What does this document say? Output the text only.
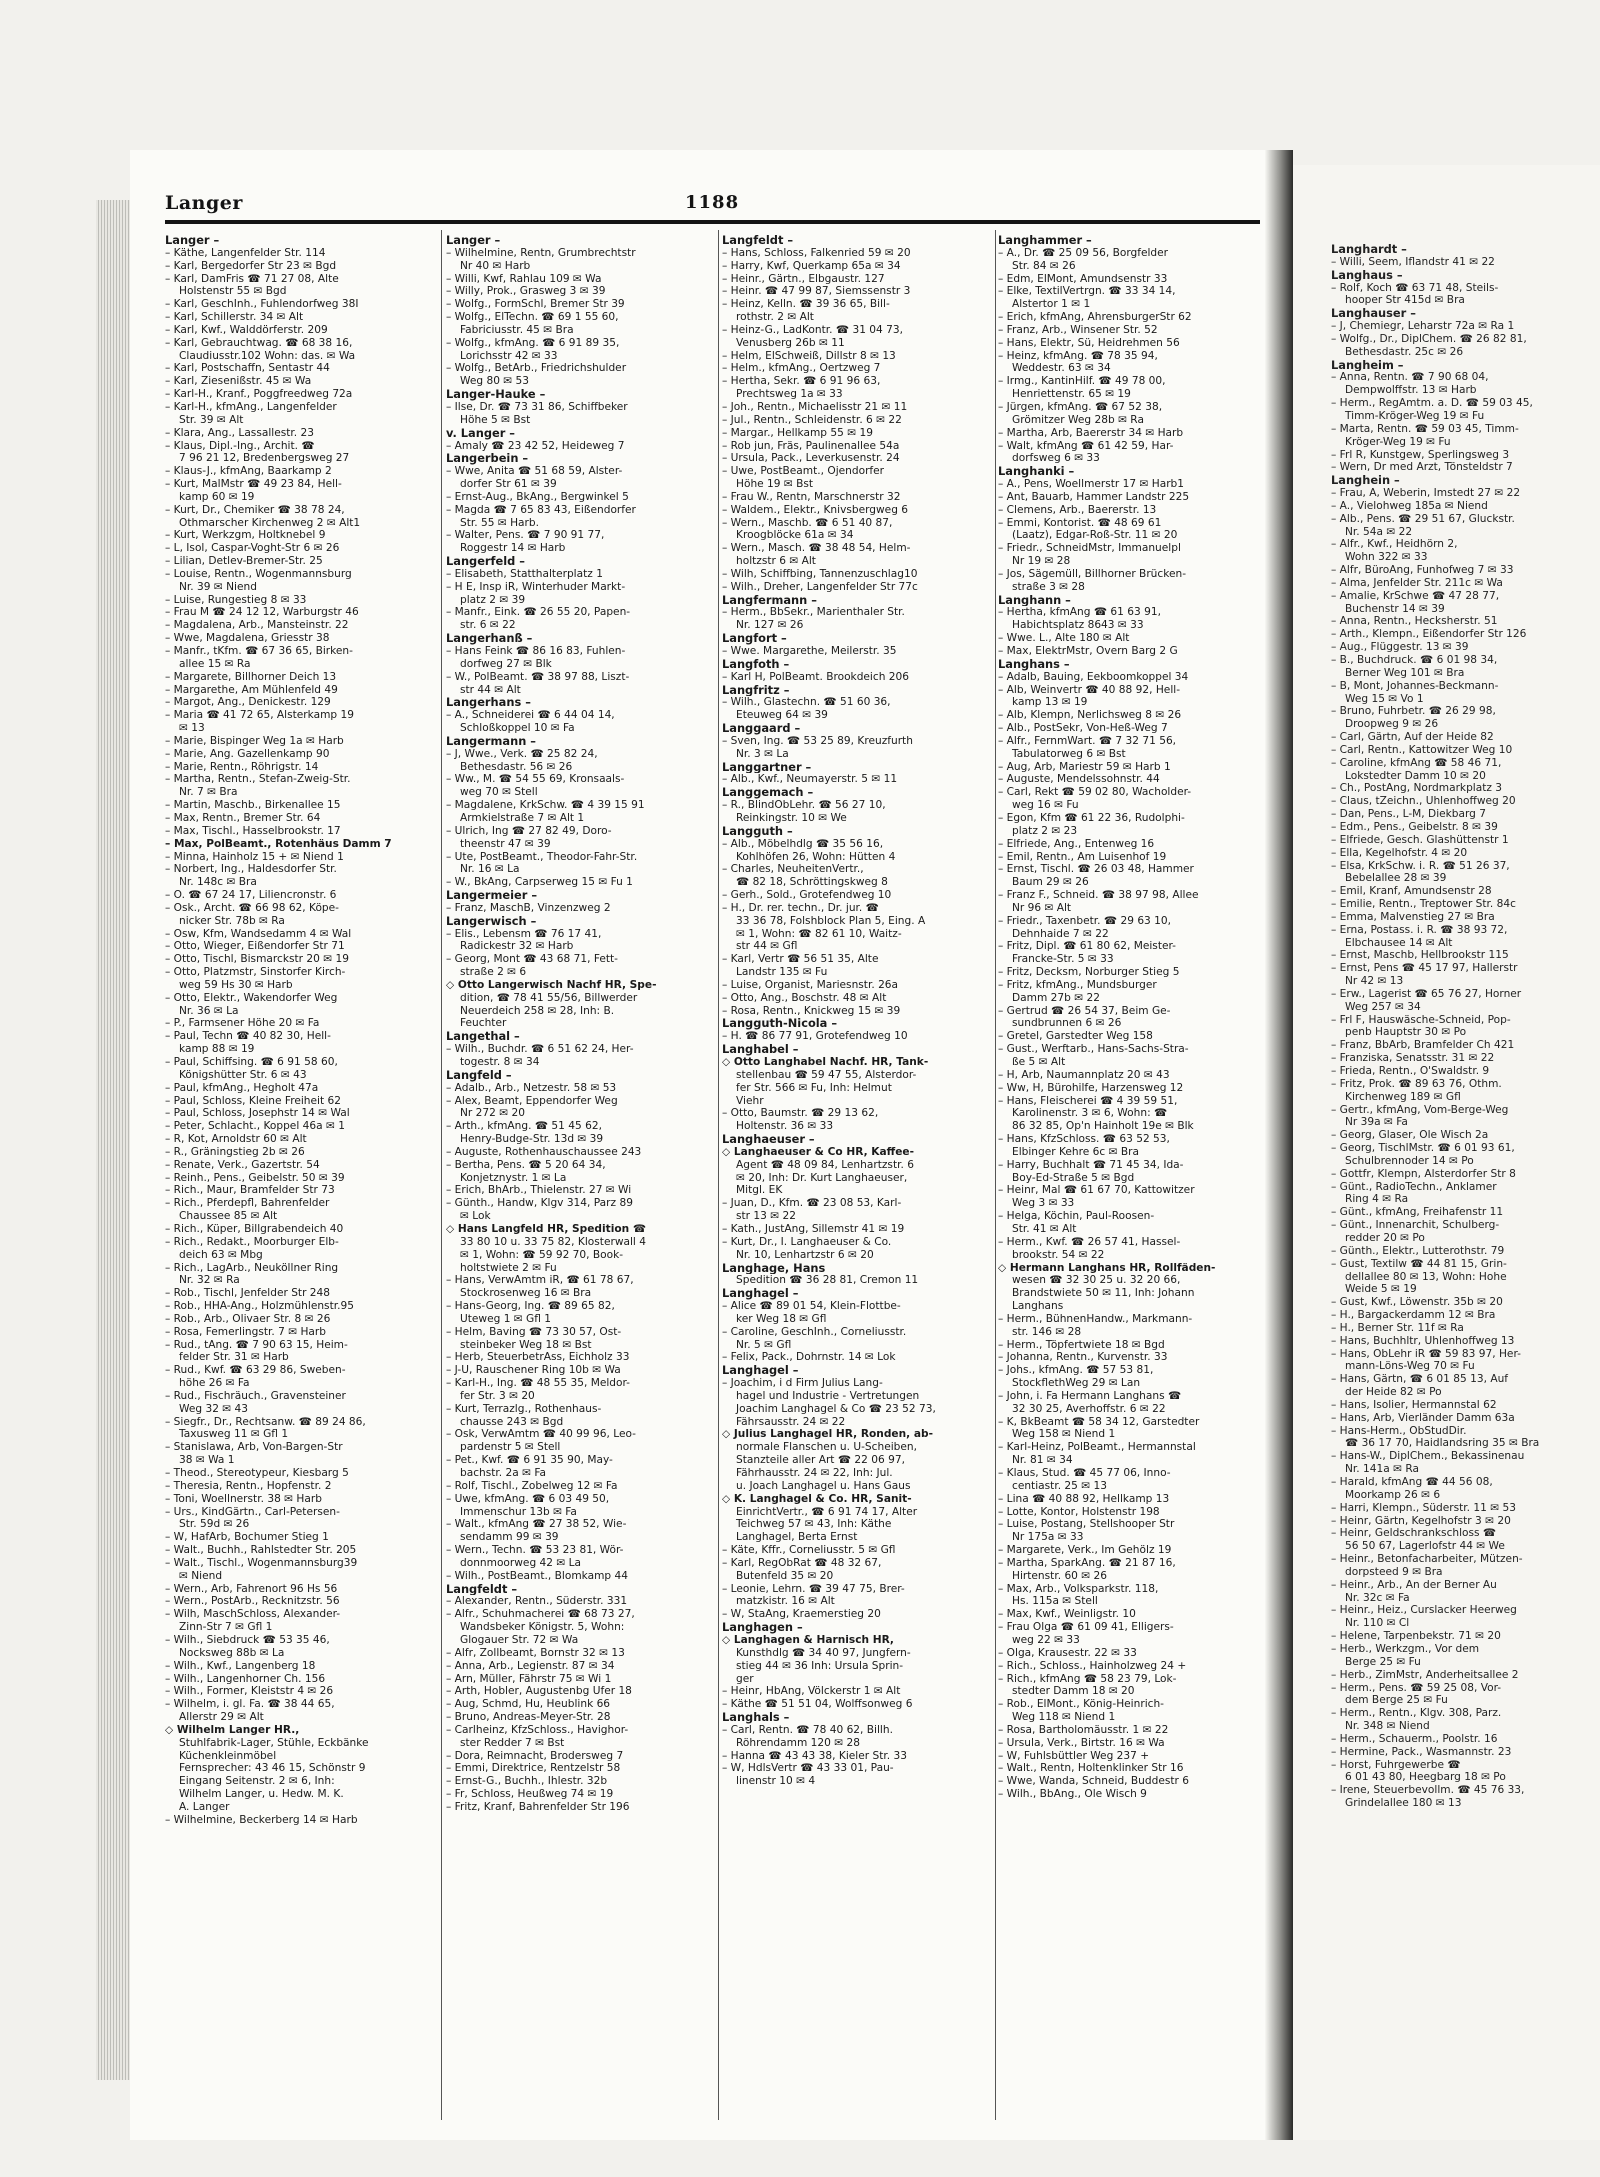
Langhardt –
– Willi, Seem, Iflandstr 41 ✉ 22
Langhaus –
– Rolf, Koch ☎ 63 71 48, Steils-
hooper Str 415d ✉ Bra
Langhauser –
– J, Chemiegr, Leharstr 72a ✉ Ra 1
– Wolfg., Dr., DiplChem. ☎ 26 82 81,
Bethesdastr. 25c ✉ 26
Langheim –
– Anna, Rentn. ☎ 7 90 68 04,
Dempwolffstr. 13 ✉ Harb
– Herm., RegAmtm. a. D. ☎ 59 03 45,
Timm-Kröger-Weg 19 ✉ Fu
– Marta, Rentn. ☎ 59 03 45, Timm-
Kröger-Weg 19 ✉ Fu
– Frl R, Kunstgew, Sperlingsweg 3
– Wern, Dr med Arzt, Tönsteldstr 7
Langhein –
– Frau, A, Weberin, Imstedt 27 ✉ 22
– A., Vielohweg 185a ✉ Niend
– Alb., Pens. ☎ 29 51 67, Gluckstr.
Nr. 54a ✉ 22
– Alfr., Kwf., Heidhörn 2,
Wohn 322 ✉ 33
– Alfr, BüroAng, Funhofweg 7 ✉ 33
– Alma, Jenfelder Str. 211c ✉ Wa
– Amalie, KrSchwe ☎ 47 28 77,
Buchenstr 14 ✉ 39
– Anna, Rentn., Hecksherstr. 51
– Arth., Klempn., Eißendorfer Str 126
– Aug., Flüggestr. 13 ✉ 39
– B., Buchdruck. ☎ 6 01 98 34,
Berner Weg 101 ✉ Bra
– B, Mont, Johannes-Beckmann-
Weg 15 ✉ Vo 1
– Bruno, Fuhrbetr. ☎ 26 29 98,
Droopweg 9 ✉ 26
– Carl, Gärtn, Auf der Heide 82
– Carl, Rentn., Kattowitzer Weg 10
– Caroline, kfmAng ☎ 58 46 71,
Lokstedter Damm 10 ✉ 20
– Ch., PostAng, Nordmarkplatz 3
– Claus, tZeichn., Uhlenhoffweg 20
– Dan, Pens., L-M, Diekbarg 7
– Edm., Pens., Geibelstr. 8 ✉ 39
– Elfriede, Gesch. Glashüttenstr 1
– Ella, Kegelhofstr. 4 ✉ 20
– Elsa, KrkSchw. i. R. ☎ 51 26 37,
Bebelallee 28 ✉ 39
– Emil, Kranf, Amundsenstr 28
– Emilie, Rentn., Treptower Str. 84c
– Emma, Malvenstieg 27 ✉ Bra
– Erna, Postass. i. R. ☎ 38 93 72,
Elbchausee 14 ✉ Alt
– Ernst, Maschb, Hellbrookstr 115
– Ernst, Pens ☎ 45 17 97, Hallerstr
Nr 42 ✉ 13
– Erw., Lagerist ☎ 65 76 27, Horner
Weg 257 ✉ 34
– Frl F, Hauswäsche-Schneid, Pop-
penb Hauptstr 30 ✉ Po
– Franz, BbArb, Bramfelder Ch 421
– Franziska, Senatsstr. 31 ✉ 22
– Frieda, Rentn., O'Swaldstr. 9
– Fritz, Prok. ☎ 89 63 76, Othm.
Kirchenweg 189 ✉ Gfl
– Gertr., kfmAng, Vom-Berge-Weg
Nr 39a ✉ Fa
– Georg, Glaser, Ole Wisch 2a
– Georg, TischlMstr. ☎ 6 01 93 61,
Schulbrennoder 14 ✉ Po
– Gottfr, Klempn, Alsterdorfer Str 8
– Günt., RadioTechn., Anklamer
Ring 4 ✉ Ra
– Günt., kfmAng, Freihafenstr 11
– Günt., Innenarchit, Schulberg-
redder 20 ✉ Po
– Günth., Elektr., Lutterothstr. 79
– Gust, Textilw ☎ 44 81 15, Grin-
dellallee 80 ✉ 13, Wohn: Hohe
Weide 5 ✉ 19
– Gust, Kwf., Löwenstr. 35b ✉ 20
– H., Bargackerdamm 12 ✉ Bra
– H., Berner Str. 11f ✉ Ra
– Hans, Buchhltr, Uhlenhoffweg 13
– Hans, ObLehr iR ☎ 59 83 97, Her-
mann-Löns-Weg 70 ✉ Fu
– Hans, Gärtn, ☎ 6 01 85 13, Auf
der Heide 82 ✉ Po
– Hans, Isolier, Hermannstal 62
– Hans, Arb, Vierländer Damm 63a
– Hans-Herm., ObStudDir.
☎ 36 17 70, Haidlandsring 35 ✉ Bra
– Hans-W., DiplChem., Bekassinenau
Nr. 141a ✉ Ra
– Harald, kfmAng ☎ 44 56 08,
Moorkamp 26 ✉ 6
– Harri, Klempn., Süderstr. 11 ✉ 53
– Heinr, Gärtn, Kegelhofstr 3 ✉ 20
– Heinr, Geldschrankschloss ☎
56 50 67, Lagerlofstr 44 ✉ We
– Heinr., Betonfacharbeiter, Mützen-
dorpsteed 9 ✉ Bra
– Heinr., Arb., An der Berner Au
Nr. 32c ✉ Fa
– Heinr., Heiz., Curslacker Heerweg
Nr. 110 ✉ Cl
– Helene, Tarpenbekstr. 71 ✉ 20
– Herb., Werkzgm., Vor dem
Berge 25 ✉ Fu
– Herb., ZimMstr, Anderheitsallee 2
– Herm., Pens. ☎ 59 25 08, Vor-
dem Berge 25 ✉ Fu
– Herm., Rentn., Klgv. 308, Parz.
Nr. 348 ✉ Niend
– Herm., Schauerm., Poolstr. 16
– Hermine, Pack., Wasmannstr. 23
– Horst, Fuhrgewerbe ☎
6 01 43 80, Heegbarg 18 ✉ Po
– Irene, Steuerbevollm. ☎ 45 76 33,
Grindelallee 180 ✉ 13
Langer	1188
Langer –
– Käthe, Langenfelder Str. 114
– Karl, Bergedorfer Str 23 ✉ Bgd
– Karl, DamFris ☎ 71 27 08, Alte
Holstenstr 55 ✉ Bgd
– Karl, GeschInh., Fuhlendorfweg 38I
– Karl, Schillerstr. 34 ✉ Alt
– Karl, Kwf., Walddörferstr. 209
– Karl, Gebrauchtwag. ☎ 68 38 16,
Claudiusstr.102 Wohn: das. ✉ Wa
– Karl, Postschaffn, Sentastr 44
– Karl, Ziesenißstr. 45 ✉ Wa
– Karl-H., Kranf., Poggfreedweg 72a
– Karl-H., kfmAng., Langenfelder
Str. 39 ✉ Alt
– Klara, Ang., Lassallestr. 23
– Klaus, Dipl.-Ing., Archit. ☎
7 96 21 12, Bredenbergsweg 27
– Klaus-J., kfmAng, Baarkamp 2
– Kurt, MalMstr ☎ 49 23 84, Hell-
kamp 60 ✉ 19
– Kurt, Dr., Chemiker ☎ 38 78 24,
Othmarscher Kirchenweg 2 ✉ Alt1
– Kurt, Werkzgm, Holtknebel 9
– L, Isol, Caspar-Voght-Str 6 ✉ 26
– Lilian, Detlev-Bremer-Str. 25
– Louise, Rentn., Wogenmannsburg
Nr. 39 ✉ Niend
– Luise, Rungestieg 8 ✉ 33
– Frau M ☎ 24 12 12, Warburgstr 46
– Magdalena, Arb., Mansteinstr. 22
– Wwe, Magdalena, Griesstr 38
– Manfr., tKfm. ☎ 67 36 65, Birken-
allee 15 ✉ Ra
– Margarete, Billhorner Deich 13
– Margarethe, Am Mühlenfeld 49
– Margot, Ang., Denickestr. 129
– Maria ☎ 41 72 65, Alsterkamp 19
✉ 13
– Marie, Bispinger Weg 1a ✉ Harb
– Marie, Ang. Gazellenkamp 90
– Marie, Rentn., Röhrigstr. 14
– Martha, Rentn., Stefan-Zweig-Str.
Nr. 7 ✉ Bra
– Martin, Maschb., Birkenallee 15
– Max, Rentn., Bremer Str. 64
– Max, Tischl., Hasselbrookstr. 17
– Max, PolBeamt., Rotenhäus Damm 7
– Minna, Hainholz 15 + ✉ Niend 1
– Norbert, Ing., Haldesdorfer Str.
Nr. 148c ✉ Bra
– O. ☎ 67 24 17, Liliencronstr. 6
– Osk., Archt. ☎ 66 98 62, Köpe-
nicker Str. 78b ✉ Ra
– Osw, Kfm, Wandsedamm 4 ✉ Wal
– Otto, Wieger, Eißendorfer Str 71
– Otto, Tischl, Bismarckstr 20 ✉ 19
– Otto, Platzmstr, Sinstorfer Kirch-
weg 59 Hs 30 ✉ Harb
– Otto, Elektr., Wakendorfer Weg
Nr. 36 ✉ La
– P., Farmsener Höhe 20 ✉ Fa
– Paul, Techn ☎ 40 82 30, Hell-
kamp 88 ✉ 19
– Paul, Schiffsing. ☎ 6 91 58 60,
Königshütter Str. 6 ✉ 43
– Paul, kfmAng., Hegholt 47a
– Paul, Schloss, Kleine Freiheit 62
– Paul, Schloss, Josephstr 14 ✉ Wal
– Peter, Schlacht., Koppel 46a ✉ 1
– R, Kot, Arnoldstr 60 ✉ Alt
– R., Gräningstieg 2b ✉ 26
– Renate, Verk., Gazertstr. 54
– Reinh., Pens., Geibelstr. 50 ✉ 39
– Rich., Maur, Bramfelder Str 73
– Rich., Pferdepfl, Bahrenfelder
Chaussee 85 ✉ Alt
– Rich., Küper, Billgrabendeich 40
– Rich., Redakt., Moorburger Elb-
deich 63 ✉ Mbg
– Rich., LagArb., Neuköllner Ring
Nr. 32 ✉ Ra
– Rob., Tischl, Jenfelder Str 248
– Rob., HHA-Ang., Holzmühlenstr.95
– Rob., Arb., Olivaer Str. 8 ✉ 26
– Rosa, Femerlingstr. 7 ✉ Harb
– Rud., tAng. ☎ 7 90 63 15, Heim-
felder Str. 31 ✉ Harb
– Rud., Kwf. ☎ 63 29 86, Sweben-
höhe 26 ✉ Fa
– Rud., Fischräuch., Gravensteiner
Weg 32 ✉ 43
– Siegfr., Dr., Rechtsanw. ☎ 89 24 86,
Taxusweg 11 ✉ Gfl 1
– Stanislawa, Arb, Von-Bargen-Str
38 ✉ Wa 1
– Theod., Stereotypeur, Kiesbarg 5
– Theresia, Rentn., Hopfenstr. 2
– Toni, Woellnerstr. 38 ✉ Harb
– Urs., KindGärtn., Carl-Petersen-
Str. 59d ✉ 26
– W, HafArb, Bochumer Stieg 1
– Walt., Buchh., Rahlstedter Str. 205
– Walt., Tischl., Wogenmannsburg39
✉ Niend
– Wern., Arb, Fahrenort 96 Hs 56
– Wern., PostArb., Recknitzstr. 56
– Wilh, MaschSchloss, Alexander-
Zinn-Str 7 ✉ Gfl 1
– Wilh., Siebdruck ☎ 53 35 46,
Nocksweg 88b ✉ La
– Wilh., Kwf., Langenberg 18
– Wilh., Langenhorner Ch. 156
– Wilh., Former, Kleiststr 4 ✉ 26
– Wilhelm, i. gl. Fa. ☎ 38 44 65,
Allerstr 29 ✉ Alt
◇ Wilhelm Langer HR.,
Stuhlfabrik-Lager, Stühle, Eckbänke
Küchenkleinmöbel
Fernsprecher: 43 46 15, Schönstr 9
Eingang Seitenstr. 2 ✉ 6, Inh:
Wilhelm Langer, u. Hedw. M. K.
A. Langer
– Wilhelmine, Beckerberg 14 ✉ Harb
Langer –
– Wilhelmine, Rentn, Grumbrechtstr
Nr 40 ✉ Harb
– Willi, Kwf, Rahlau 109 ✉ Wa
– Willy, Prok., Grasweg 3 ✉ 39
– Wolfg., FormSchl, Bremer Str 39
– Wolfg., ElTechn. ☎ 69 1 55 60,
Fabriciusstr. 45 ✉ Bra
– Wolfg., kfmAng. ☎ 6 91 89 35,
Lorichsstr 42 ✉ 33
– Wolfg., BetArb., Friedrichshulder
Weg 80 ✉ 53
Langer-Hauke –
– Ilse, Dr. ☎ 73 31 86, Schiffbeker
Höhe 5 ✉ Bst
v. Langer –
– Amaly ☎ 23 42 52, Heideweg 7
Langerbein –
– Wwe, Anita ☎ 51 68 59, Alster-
dorfer Str 61 ✉ 39
– Ernst-Aug., BkAng., Bergwinkel 5
– Magda ☎ 7 65 83 43, Eißendorfer
Str. 55 ✉ Harb.
– Walter, Pens. ☎ 7 90 91 77,
Roggestr 14 ✉ Harb
Langerfeld –
– Elisabeth, Statthalterplatz 1
– H E, Insp iR, Winterhuder Markt-
platz 2 ✉ 39
– Manfr., Eink. ☎ 26 55 20, Papen-
str. 6 ✉ 22
Langerhanß –
– Hans Feink ☎ 86 16 83, Fuhlen-
dorfweg 27 ✉ Blk
– W., PolBeamt. ☎ 38 97 88, Liszt-
str 44 ✉ Alt
Langerhans –
– A., Schneiderei ☎ 6 44 04 14,
Schloßkoppel 10 ✉ Fa
Langermann –
– J, Wwe., Verk. ☎ 25 82 24,
Bethesdastr. 56 ✉ 26
– Ww., M. ☎ 54 55 69, Kronsaals-
weg 70 ✉ Stell
– Magdalene, KrkSchw. ☎ 4 39 15 91
Armkielstraße 7 ✉ Alt 1
– Ulrich, Ing ☎ 27 82 49, Doro-
theenstr 47 ✉ 39
– Ute, PostBeamt., Theodor-Fahr-Str.
Nr. 16 ✉ La
– W., BkAng, Carpserweg 15 ✉ Fu 1
Langermeier –
– Franz, MaschB, Vinzenzweg 2
Langerwisch –
– Elis., Lebensm ☎ 76 17 41,
Radickestr 32 ✉ Harb
– Georg, Mont ☎ 43 68 71, Fett-
straße 2 ✉ 6
◇ Otto Langerwisch Nachf HR, Spe-
dition, ☎ 78 41 55/56, Billwerder
Neuerdeich 258 ✉ 28, Inh: B.
Feuchter
Langethal –
– Wilh., Buchdr. ☎ 6 51 62 24, Her-
togestr. 8 ✉ 34
Langfeld –
– Adalb., Arb., Netzestr. 58 ✉ 53
– Alex, Beamt, Eppendorfer Weg
Nr 272 ✉ 20
– Arth., kfmAng. ☎ 51 45 62,
Henry-Budge-Str. 13d ✉ 39
– Auguste, Rothenhauschaussee 243
– Bertha, Pens. ☎ 5 20 64 34,
Konjetznystr. 1 ✉ La
– Erich, BhArb., Thielenstr. 27 ✉ Wi
– Günth., Handw, Klgv 314, Parz 89
✉ Lok
◇ Hans Langfeld HR, Spedition ☎
33 80 10 u. 33 75 82, Klosterwall 4
✉ 1, Wohn: ☎ 59 92 70, Book-
holtstwiete 2 ✉ Fu
– Hans, VerwAmtm iR, ☎ 61 78 67,
Stockrosenweg 16 ✉ Bra
– Hans-Georg, Ing. ☎ 89 65 82,
Uteweg 1 ✉ Gfl 1
– Helm, Baving ☎ 73 30 57, Ost-
steinbeker Weg 18 ✉ Bst
– Herb, SteuerbetrAss, Eichholz 33
– J-U, Rauschener Ring 10b ✉ Wa
– Karl-H., Ing. ☎ 48 55 35, Meldor-
fer Str. 3 ✉ 20
– Kurt, Terrazlg., Rothenhaus-
chausse 243 ✉ Bgd
– Osk, VerwAmtm ☎ 40 99 96, Leo-
pardenstr 5 ✉ Stell
– Pet., Kwf. ☎ 6 91 35 90, May-
bachstr. 2a ✉ Fa
– Rolf, Tischl., Zobelweg 12 ✉ Fa
– Uwe, kfmAng. ☎ 6 03 49 50,
Immenschur 13b ✉ Fa
– Walt., kfmAng ☎ 27 38 52, Wie-
sendamm 99 ✉ 39
– Wern., Techn. ☎ 53 23 81, Wör-
donnmoorweg 42 ✉ La
– Wilh., PostBeamt., Blomkamp 44
Langfeldt –
– Alexander, Rentn., Süderstr. 331
– Alfr., Schuhmacherei ☎ 68 73 27,
Wandsbeker Königstr. 5, Wohn:
Glogauer Str. 72 ✉ Wa
– Alfr, Zollbeamt, Bornstr 32 ✉ 13
– Anna, Arb., Legienstr. 87 ✉ 34
– Arn, Müller, Fährstr 75 ✉ Wi 1
– Arth, Hobler, Augustenbg Ufer 18
– Aug, Schmd, Hu, Heublink 66
– Bruno, Andreas-Meyer-Str. 28
– Carlheinz, KfzSchloss., Havighor-
ster Redder 7 ✉ Bst
– Dora, Reimnacht, Brodersweg 7
– Emmi, Direktrice, Rentzelstr 58
– Ernst-G., Buchh., Ihlestr. 32b
– Fr, Schloss, Heußweg 74 ✉ 19
– Fritz, Kranf, Bahrenfelder Str 196
Langfeldt –
– Hans, Schloss, Falkenried 59 ✉ 20
– Harry, Kwf, Querkamp 65a ✉ 34
– Heinr., Gärtn., Elbgaustr. 127
– Heinr. ☎ 47 99 87, Siemssenstr 3
– Heinz, Kelln. ☎ 39 36 65, Bill-
rothstr. 2 ✉ Alt
– Heinz-G., LadKontr. ☎ 31 04 73,
Venusberg 26b ✉ 11
– Helm, ElSchweiß, Dillstr 8 ✉ 13
– Helm., kfmAng., Oertzweg 7
– Hertha, Sekr. ☎ 6 91 96 63,
Prechtsweg 1a ✉ 33
– Joh., Rentn., Michaelisstr 21 ✉ 11
– Jul., Rentn., Schleidenstr. 6 ✉ 22
– Margar., Hellkamp 55 ✉ 19
– Rob jun, Fräs, Paulinenallee 54a
– Ursula, Pack., Leverkusenstr. 24
– Uwe, PostBeamt., Ojendorfer
Höhe 19 ✉ Bst
– Frau W., Rentn, Marschnerstr 32
– Waldem., Elektr., Knivsbergweg 6
– Wern., Maschb. ☎ 6 51 40 87,
Kroogblöcke 61a ✉ 34
– Wern., Masch. ☎ 38 48 54, Helm-
holtzstr 6 ✉ Alt
– Wilh, Schiffbing, Tannenzuschlag10
– Wilh., Dreher, Langenfelder Str 77c
Langfermann –
– Herm., BbSekr., Marienthaler Str.
Nr. 127 ✉ 26
Langfort –
– Wwe. Margarethe, Meilerstr. 35
Langfoth –
– Karl H, PolBeamt. Brookdeich 206
Langfritz –
– Wilh., Glastechn. ☎ 51 60 36,
Eteuweg 64 ✉ 39
Langgaard –
– Sven, Ing. ☎ 53 25 89, Kreuzfurth
Nr. 3 ✉ La
Langgartner –
– Alb., Kwf., Neumayerstr. 5 ✉ 11
Langgemach –
– R., BlindObLehr. ☎ 56 27 10,
Reinkingstr. 10 ✉ We
Langguth –
– Alb., Möbelhdlg ☎ 35 56 16,
Kohlhöfen 26, Wohn: Hütten 4
– Charles, NeuheitenVertr.,
☎ 82 18, Schröttingskweg 8
– Gerh., Sold., Grotefendweg 10
– H., Dr. rer. techn., Dr. jur. ☎
33 36 78, Folshblock Plan 5, Eing. A
✉ 1, Wohn: ☎ 82 61 10, Waitz-
str 44 ✉ Gfl
– Karl, Vertr ☎ 56 51 35, Alte
Landstr 135 ✉ Fu
– Luise, Organist, Mariesnstr. 26a
– Otto, Ang., Boschstr. 48 ✉ Alt
– Rosa, Rentn., Knickweg 15 ✉ 39
Langguth-Nicola –
– H. ☎ 86 77 91, Grotefendweg 10
Langhabel –
◇ Otto Langhabel Nachf. HR, Tank-
stellenbau ☎ 59 47 55, Alsterdor-
fer Str. 566 ✉ Fu, Inh: Helmut
Viehr
– Otto, Baumstr. ☎ 29 13 62,
Holtenstr. 36 ✉ 33
Langhaeuser –
◇ Langhaeuser & Co HR, Kaffee-
Agent ☎ 48 09 84, Lenhartzstr. 6
✉ 20, Inh: Dr. Kurt Langhaeuser,
Mitgl. EK
– Juan, D., Kfm. ☎ 23 08 53, Karl-
str 13 ✉ 22
– Kath., JustAng, Sillemstr 41 ✉ 19
– Kurt, Dr., I. Langhaeuser & Co.
Nr. 10, Lenhartzstr 6 ✉ 20
Langhage, Hans
Spedition ☎ 36 28 81, Cremon 11
Langhagel –
– Alice ☎ 89 01 54, Klein-Flottbe-
ker Weg 18 ✉ Gfl
– Caroline, GeschInh., Corneliusstr.
Nr. 5 ✉ Gfl
– Felix, Pack., Dohrnstr. 14 ✉ Lok
Langhagel –
– Joachim, i d Firm Julius Lang-
hagel und Industrie - Vertretungen
Joachim Langhagel & Co ☎ 23 52 73,
Fährsausstr. 24 ✉ 22
◇ Julius Langhagel HR, Ronden, ab-
normale Flanschen u. U-Scheiben,
Stanzteile aller Art ☎ 22 06 97,
Fährhausstr. 24 ✉ 22, Inh: Jul.
u. Joach Langhagel u. Hans Gaus
◇ K. Langhagel & Co. HR, Sanit-
EinrichtVertr., ☎ 6 91 74 17, Alter
Teichweg 57 ✉ 43, Inh: Käthe
Langhagel, Berta Ernst
– Käte, Kffr., Corneliusstr. 5 ✉ Gfl
– Karl, RegObRat ☎ 48 32 67,
Butenfeld 35 ✉ 20
– Leonie, Lehrn. ☎ 39 47 75, Brer-
matzkistr. 16 ✉ Alt
– W, StaAng, Kraemerstieg 20
Langhagen –
◇ Langhagen & Harnisch HR,
Kunsthdlg ☎ 34 40 97, Jungfern-
stieg 44 ✉ 36 Inh: Ursula Sprin-
ger
– Heinr, HbAng, Völckerstr 1 ✉ Alt
– Käthe ☎ 51 51 04, Wolffsonweg 6
Langhals –
– Carl, Rentn. ☎ 78 40 62, Billh.
Röhrendamm 120 ✉ 28
– Hanna ☎ 43 43 38, Kieler Str. 33
– W, HdlsVertr ☎ 43 33 01, Pau-
linenstr 10 ✉ 4
Langhammer –
– A., Dr. ☎ 25 09 56, Borgfelder
Str. 84 ✉ 26
– Edm, ElMont, Amundsenstr 33
– Elke, TextilVertrgn. ☎ 33 34 14,
Alstertor 1 ✉ 1
– Erich, kfmAng, AhrensburgerStr 62
– Franz, Arb., Winsener Str. 52
– Hans, Elektr, Sü, Heidrehmen 56
– Heinz, kfmAng. ☎ 78 35 94,
Weddestr. 63 ✉ 34
– Irmg., KantinHilf. ☎ 49 78 00,
Henriettenstr. 65 ✉ 19
– Jürgen, kfmAng. ☎ 67 52 38,
Grömitzer Weg 28b ✉ Ra
– Martha, Arb, Baererstr 34 ✉ Harb
– Walt, kfmAng ☎ 61 42 59, Har-
dorfsweg 6 ✉ 33
Langhanki –
– A., Pens, Woellmerstr 17 ✉ Harb1
– Ant, Bauarb, Hammer Landstr 225
– Clemens, Arb., Baererstr. 13
– Emmi, Kontorist. ☎ 48 69 61
(Laatz), Edgar-Roß-Str. 11 ✉ 20
– Friedr., SchneidMstr, Immanuelpl
Nr 19 ✉ 28
– Jos, Sägemüll, Billhorner Brücken-
straße 3 ✉ 28
Langhann –
– Hertha, kfmAng ☎ 61 63 91,
Habichtsplatz 8643 ✉ 33
– Wwe. L., Alte 180 ✉ Alt
– Max, ElektrMstr, Overn Barg 2 G
Langhans –
– Adalb, Bauing, Eekboomkoppel 34
– Alb, Weinvertr ☎ 40 88 92, Hell-
kamp 13 ✉ 19
– Alb, Klempn, Nerlichsweg 8 ✉ 26
– Alb., PostSekr, Von-Heß-Weg 7
– Alfr., FernmWart. ☎ 7 32 71 56,
Tabulatorweg 6 ✉ Bst
– Aug, Arb, Mariestr 59 ✉ Harb 1
– Auguste, Mendelssohnstr. 44
– Carl, Rekt ☎ 59 02 80, Wacholder-
weg 16 ✉ Fu
– Egon, Kfm ☎ 61 22 36, Rudolphi-
platz 2 ✉ 23
– Elfriede, Ang., Entenweg 16
– Emil, Rentn., Am Luisenhof 19
– Ernst, Tischl. ☎ 26 03 48, Hammer
Baum 29 ✉ 26
– Franz F., Schneid. ☎ 38 97 98, Allee
Nr 96 ✉ Alt
– Friedr., Taxenbetr. ☎ 29 63 10,
Dehnhaide 7 ✉ 22
– Fritz, Dipl. ☎ 61 80 62, Meister-
Francke-Str. 5 ✉ 33
– Fritz, Decksm, Norburger Stieg 5
– Fritz, kfmAng., Mundsburger
Damm 27b ✉ 22
– Gertrud ☎ 26 54 37, Beim Ge-
sundbrunnen 6 ✉ 26
– Gretel, Garstedter Weg 158
– Gust., Werftarb., Hans-Sachs-Stra-
ße 5 ✉ Alt
– H, Arb, Naumannplatz 20 ✉ 43
– Ww, H, Bürohilfe, Harzensweg 12
– Hans, Fleischerei ☎ 4 39 59 51,
Karolinenstr. 3 ✉ 6, Wohn: ☎
86 32 85, Op'n Hainholt 19e ✉ Blk
– Hans, KfzSchloss. ☎ 63 52 53,
Elbinger Kehre 6c ✉ Bra
– Harry, Buchhalt ☎ 71 45 34, Ida-
Boy-Ed-Straße 5 ✉ Bgd
– Heinr, Mal ☎ 61 67 70, Kattowitzer
Weg 3 ✉ 33
– Helga, Köchin, Paul-Roosen-
Str. 41 ✉ Alt
– Herm., Kwf. ☎ 26 57 41, Hassel-
brookstr. 54 ✉ 22
◇ Hermann Langhans HR, Rollfäden-
wesen ☎ 32 30 25 u. 32 20 66,
Brandstwiete 50 ✉ 11, Inh: Johann
Langhans
– Herm., BühnenHandw., Markmann-
str. 146 ✉ 28
– Herm., Töpfertwiete 18 ✉ Bgd
– Johanna, Rentn., Kurvenstr. 33
– Johs., kfmAng. ☎ 57 53 81,
StockflethWeg 29 ✉ Lan
– John, i. Fa Hermann Langhans ☎
32 30 25, Averhoffstr. 6 ✉ 22
– K, BkBeamt ☎ 58 34 12, Garstedter
Weg 158 ✉ Niend 1
– Karl-Heinz, PolBeamt., Hermannstal
Nr. 81 ✉ 34
– Klaus, Stud. ☎ 45 77 06, Inno-
centiastr. 25 ✉ 13
– Lina ☎ 40 88 92, Hellkamp 13
– Lotte, Kontor, Holstenstr 198
– Luise, Postang, Stellshooper Str
Nr 175a ✉ 33
– Margarete, Verk., Im Gehölz 19
– Martha, SparkAng. ☎ 21 87 16,
Hirtenstr. 60 ✉ 26
– Max, Arb., Volksparkstr. 118,
Hs. 115a ✉ Stell
– Max, Kwf., Weinligstr. 10
– Frau Olga ☎ 61 09 41, Elligers-
weg 22 ✉ 33
– Olga, Krausestr. 22 ✉ 33
– Rich., Schloss., Hainholzweg 24 +
– Rich., kfmAng ☎ 58 23 79, Lok-
stedter Damm 18 ✉ 20
– Rob., ElMont., König-Heinrich-
Weg 118 ✉ Niend 1
– Rosa, Bartholomäusstr. 1 ✉ 22
– Ursula, Verk., Birtstr. 16 ✉ Wa
– W, Fuhlsbüttler Weg 237 +
– Walt., Rentn, Holtenklinker Str 16
– Wwe, Wanda, Schneid, Buddestr 6
– Wilh., BbAng., Ole Wisch 9
